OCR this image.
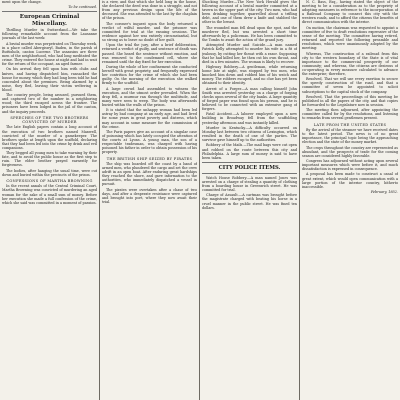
ment upon the change.
To be continued.
European Criminal Miscellany.
Thrilling Murder in Switzerland.—We take the following remarkable account from the Lausanne journals of the last week:
A brutal murder was perpetrated on Thursday week, in a place called Abergiswyl, Baden, in the parish of Buttisholz, canton Lucerne. The assassins are three men of the neighborhood, who had long meditated the crime. They entered the house at night and laid in wait for the return of the occupant, an aged farmer.
On his arrival they fell upon him with clubs and knives, and having dispatched him, ransacked the house for money, which they had long been told he had concealed about the premises. Being alarmed by a noise, they fled, leaving their victim weltering in blood.
The country people, being aroused, pursued them, and captured two of the number in a neighboring wood; the third escaped across the frontier. The prisoners have been lodged in the jail of the canton, and the inquiry proceeds.
SPEECHES OF THE TWO BROTHERS CONVICTED OF MURDER
The late English papers contain a long account of the execution of two brothers named Maxwell, convicted of the murder of a gamekeeper. The brothers spoke at length upon the scaffold, declaring that they had been led into the crime by drink and evil companions.
They begged all young men to take warning by their fate, and to avoid the public house as the first step to ruin. The elder brother prayed earnestly for forgiveness.
The bodies, after hanging the usual time, were cut down and buried within the precincts of the prison.
CONFESSIONS OF MARTHA BROWNING
In the recent annals of the Central Criminal Court, Martha Browning was convicted of murdering an aged woman for the sake of a small sum of money. Before her execution she made a full confession of the crime, which she said was committed in a moment of passion.
is a view, and that which she held long in the house, she declared the deed was done in a struggle, and not from any previous design upon the life of the deceased. She was attended to the last by the chaplain of the prison.
The coroner's inquest upon the body returned a verdict of wilful murder, and the prisoner was committed for trial at the ensuing sessions. The evidence against her was entirely circumstantial, but so strong as to leave no doubt of her guilt.
Upon the trial the jury, after a brief deliberation, returned a verdict of guilty, and sentence of death was passed. She heard the sentence without emotion, and was removed to the condemned cell, where she remained until the day fixed for her execution.
During the whole of her confinement she conducted herself with great propriety, and frequently expressed her contrition for the crime of which she had been guilty. On the morning of the execution she walked firmly to the scaffold.
A large crowd had assembled to witness the execution, and the utmost order prevailed. When the drop fell, a murmur ran through the multitude, and many were seen to weep. The body was afterwards buried within the walls of the prison.
It is stated that the unhappy woman had been led astray by bad company at an early age, and had lived for some years in great poverty and distress, which may account in some measure for the commission of the crime.
The Paris papers give an account of a singular case of poisoning which has lately occupied the attention of the courts at Lyons. A young man, the son of a respectable tradesman, was charged with having poisoned his father in order to obtain possession of his property.
THE BRITISH SHIP SEIZED BY PIRATES
The ship was boarded off the coast by a band of armed men, who plundered the cargo and set the crew adrift in an open boat. After enduring great hardships they reached the shore, and gave information to the authorities, who immediately dispatched a vessel in pursuit.
The pirates were overtaken after a chase of two days, and after a desperate resistance were captured and brought into port, where they now await their trial.
Shocking Murder.—The New York Herald gives the following account of a brutal murder committed at a tavern in the upper part of the city: Two men, who had been drinking together, quarrelled about a trifling debt, and one of them drew a knife and stabbed the other in the breast.
The wounded man fell dead upon the spot, and the murderer fled, but was arrested a short time afterwards by a policeman. He has been committed to the Tombs to await the action of the grand jury.
Attempted Murder and Suicide.—A man named Patrick Kelly attempted to murder his wife in a fit of jealousy, by cutting her throat with a razor. Supposing that he had killed her, he then cut his own throat, and died in a few minutes. The woman is likely to recover.
Highway Robbery.—A gentleman, while returning home late at night, was stopped by two men, who knocked him down and robbed him of his watch and money. The robbers escaped, and no clue has yet been obtained to their identity.
Arrest of a Forger.—A man calling himself John Smith was arrested yesterday on a charge of forging checks upon several of the city banks. A large quantity of forged paper was found upon his person, and he is believed to be connected with an extensive gang of forgers.
Fatal Accident.—A laborer employed upon a new building in Broadway fell from the scaffolding yesterday afternoon and was instantly killed.
Murder in Kentucky.—A difficulty occurred on Monday last between two citizens of Lexington, which resulted in the death of one of the parties. The survivor gave himself up to the authorities.
Robbery of the Mails.—The mail bags were cut open and robbed on the route between this city and Philadelphia. A large sum of money is said to have been taken.
CITY POLICE ITEMS.
Watch House Robbery.—A man named Jones was arrested on a charge of stealing a quantity of clothing from a boarding house in Greenwich street. He was committed for trial.
Charge of Assault.—A cartman was brought before the magistrate charged with beating his horse in a cruel manner in the public street. He was fined ten dollars.
N. C. Bass, Esq., having stated the object of the meeting to be a consideration as to the propriety of adopting measures in reference to the incorporation of a Railroad Company to connect this city with the western roads, and to afford the citizens the benefits of direct communication with the interior.
On motion, the chairman was requested to appoint a committee of five to draft resolutions expressive of the sense of the meeting. The committee having retired, returned and reported the following preamble and resolutions, which were unanimously adopted by the meeting:
Whereas, The construction of a railroad from this city to the western boundary of the State is of vital importance to the commercial prosperity of our community; and whereas, the citizens are desirous of co-operating in every measure calculated to advance the enterprise; therefore,
Resolved, That we will use every exertion to secure the speedy construction of the road, and that a committee of seven be appointed to solicit subscriptions to the capital stock of the company.
Resolved, That the proceedings of this meeting be published in all the papers of the city, and that copies be forwarded to the Legislature now in session.
The meeting then adjourned, after appointing the committee called for by the resolutions, and listening to remarks from several gentlemen present.
LATE FROM THE UNITED STATES
By the arrival of the steamer we have received dates to the latest period. The news is of no great importance, the principal topic being the approaching election and the state of the money market.
The crops throughout the country are represented as abundant, and the prospects of trade for the coming season are considered highly favorable.
Congress has adjourned without acting upon several important measures which were before it, and much dissatisfaction is expressed in consequence.
A proposal has been made to construct a canal of great extent, which would open communication with a large portion of the interior country, hitherto inaccessible.
February, 1852.
